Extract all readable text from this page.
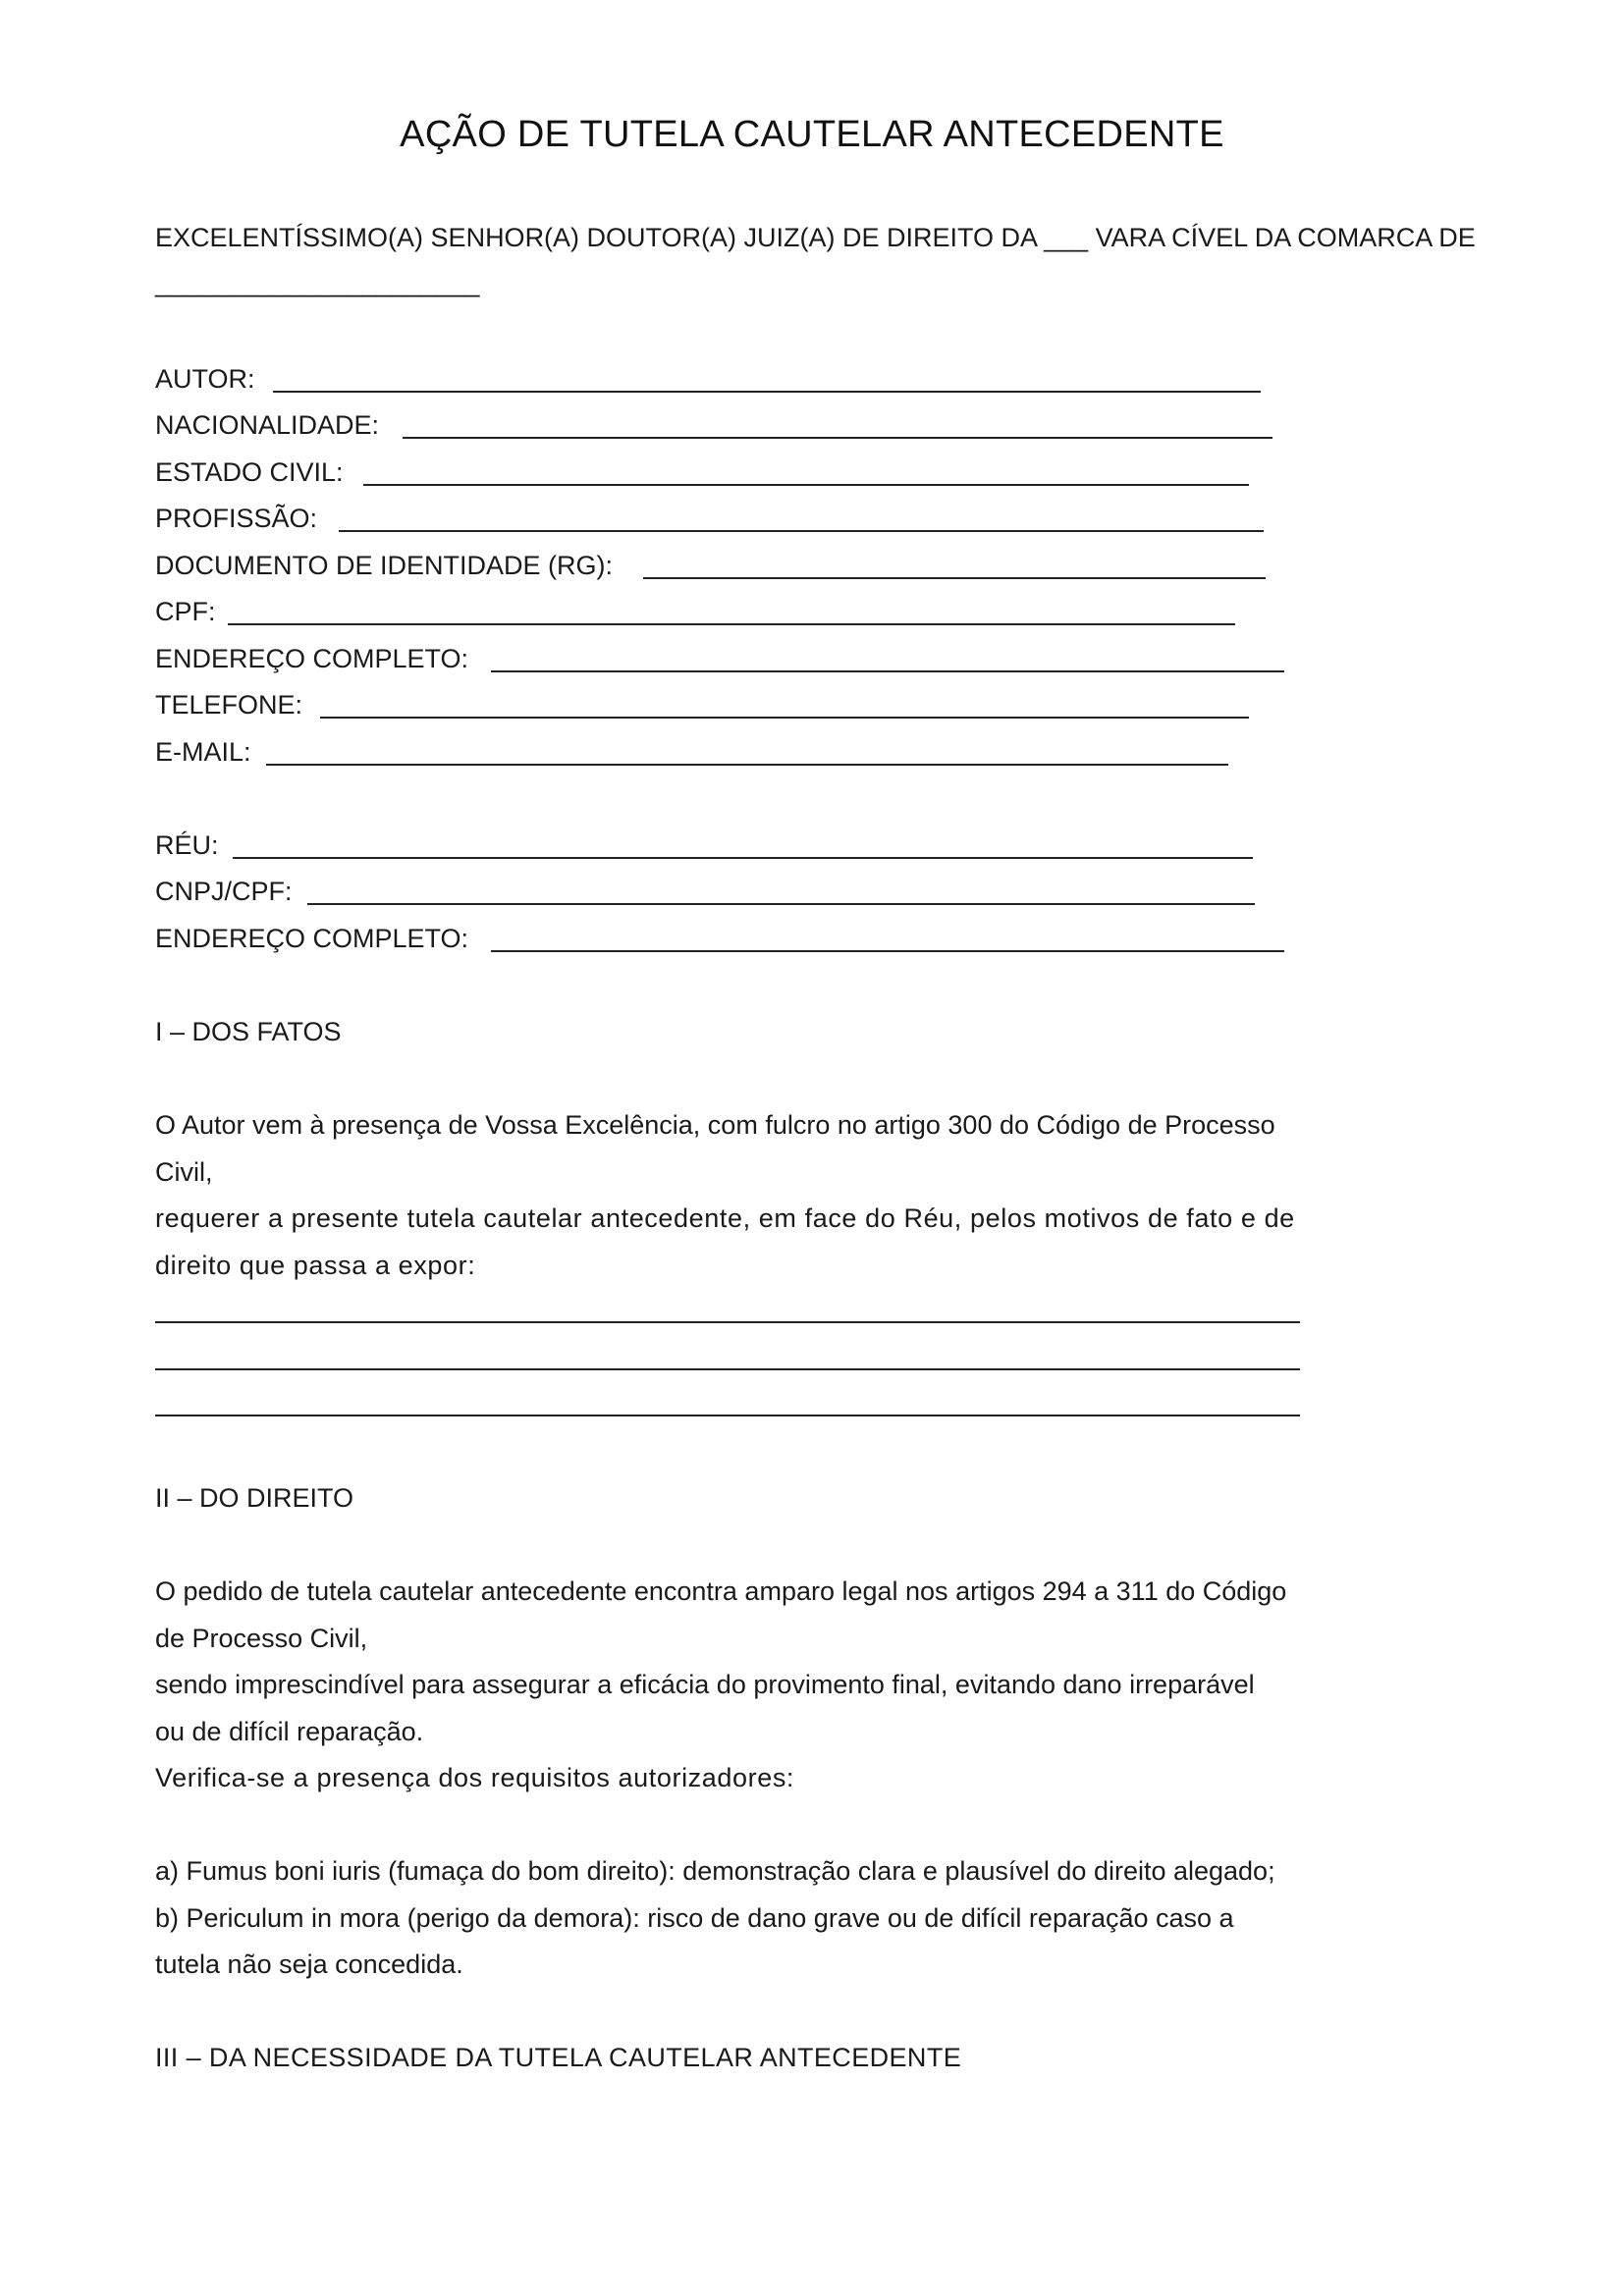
AÇÃO DE TUTELA CAUTELAR ANTECEDENTE
EXCELENTÍSSIMO(A) SENHOR(A) DOUTOR(A) JUIZ(A) DE DIREITO DA ___ VARA CÍVEL DA COMARCA DE
______________________
AUTOR:
NACIONALIDADE:
ESTADO CIVIL:
PROFISSÃO:
DOCUMENTO DE IDENTIDADE (RG):
CPF:
ENDEREÇO COMPLETO:
TELEFONE:
E-MAIL:
RÉU:
CNPJ/CPF:
ENDEREÇO COMPLETO:
I – DOS FATOS
O Autor vem à presença de Vossa Excelência, com fulcro no artigo 300 do Código de Processo
Civil,
requerer a presente tutela cautelar antecedente, em face do Réu, pelos motivos de fato e de
direito que passa a expor:
II – DO DIREITO
O pedido de tutela cautelar antecedente encontra amparo legal nos artigos 294 a 311 do Código
de Processo Civil,
sendo imprescindível para assegurar a eficácia do provimento final, evitando dano irreparável
ou de difícil reparação.
Verifica-se a presença dos requisitos autorizadores:
a) Fumus boni iuris (fumaça do bom direito): demonstração clara e plausível do direito alegado;
b) Periculum in mora (perigo da demora): risco de dano grave ou de difícil reparação caso a
tutela não seja concedida.
III – DA NECESSIDADE DA TUTELA CAUTELAR ANTECEDENTE
